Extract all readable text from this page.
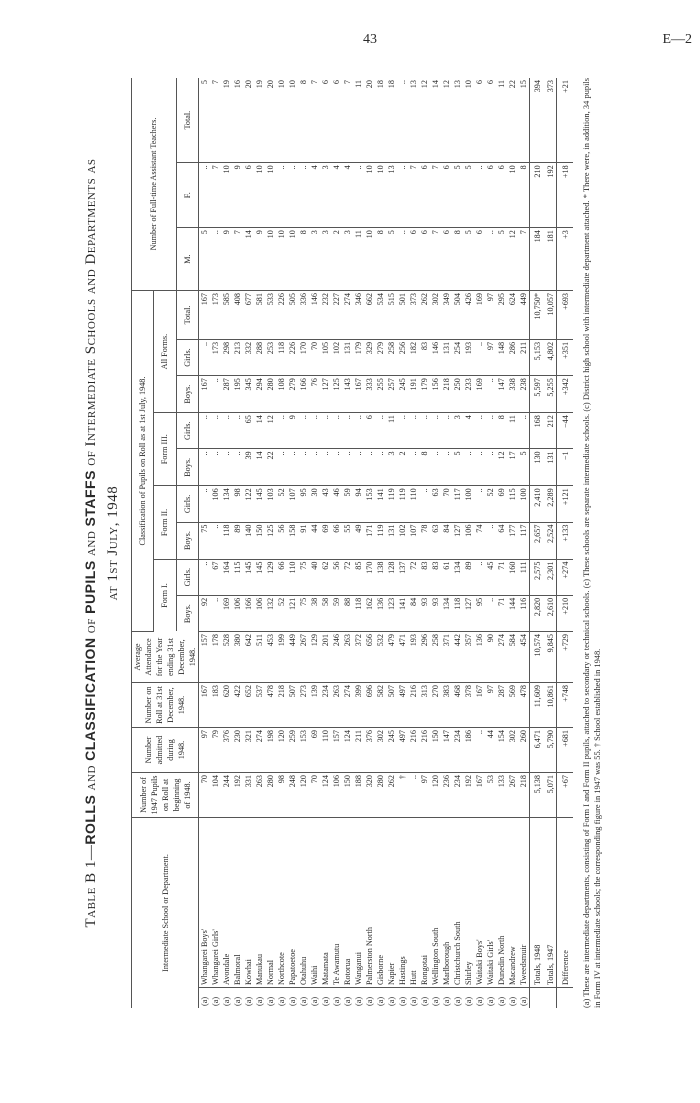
43	E—2

Table B 1—ROLLS and CLASSIFICATION of PUPILS and STAFFS of Intermediate Schools and Departments as
at 1st July, 1948

Intermediate School or Department.		Number of 1947 Pupils on Roll at beginning of 1948.	Number admitted during 1948.	Number on Roll at 31st December, 1948.	Average Attendance for the Year ending 31st December, 1948.	Classification of Pupils on Roll as at 1st July, 1948.									Number of Full-time Assistant Teachers.		
						Form I.		Form II.		Form III.		All Forms.					
						Boys.	Girls.	Boys.	Girls.	Boys.	Girls.	Boys.	Girls.	Total.	M.	F.	Total.
(a)	Whangarei Boys'	70	97	167	157	92	..	75	..	..	..	167	..	167	5	..	5
(a)	Whangarei Girls'	104	79	183	178	..	67	..	106	..	..	..	173	173	..	7	7
(a)	Avondale	244	376	620	528	169	164	118	134	..	..	287	298	585	9	10	19
(a)	Balmoral	192	230	422	380	106	115	89	98	..	..	195	213	408	7	9	16
(a)	Kowhai	331	321	652	642	166	145	140	122	39	65	345	332	677	14	6	20
(a)	Manukau	263	274	537	511	106	145	150	145	14	14	294	288	581	9	10	19
(a)	Normal	280	198	478	453	132	129	125	103	22	12	280	253	533	10	10	20
(a)	Northcote	98	120	218	199	52	66	56	52	..	..	108	118	226	10	..	10
(a)	Papatoetoe	248	259	507	449	121	110	158	107	..	9	279	226	505	10	..	10
(a)	Otahuhu	120	153	273	267	75	75	91	95	..	..	166	170	336	8	..	8
(a)	Waihi	70	69	139	129	38	40	44	30	..	..	76	70	146	3	4	7
(a)	Matamata	124	110	234	201	58	62	69	43	..	..	127	105	232	3	3	6
(a)	Te Awamutu	106	157	263	246	59	56	66	46	..	..	125	102	227	2	4	6
(a)	Rotorua	150	124	274	263	88	72	55	59	..	..	143	131	274	3	4	7
(a)	Wanganui	188	211	399	372	118	85	49	94	..	..	167	179	346	11	..	11
(a)	Palmerston North	320	376	696	656	162	170	171	153	..	6	333	329	662	10	10	20
(a)	Gisborne	280	302	582	532	136	138	119	141	..	..	255	279	534	8	10	18
(a)	Napier	262	245	507	479	123	128	131	119	3	11	257	258	515	5	13	18
(a)	Hastings	†	497	497	471	141	137	102	119	2	..	245	256	501	..	..	..
(a)	Hutt	..	216	216	193	84	72	107	110	..	..	191	182	373	6	7	13
(a)	Rongotai	97	216	313	296	93	83	78	..	8	..	179	83	262	6	6	12
(a)	Wellington South	120	150	270	258	93	83	63	63	..	..	156	146	302	7	7	14
(a)	Marlborough	236	147	383	371	134	61	84	70	..	..	218	131	349	6	6	12
(a)	Christchurch South	234	234	468	442	118	134	127	117	5	3	250	254	504	8	5	13
(a)	Shirley	192	186	378	357	127	89	106	100	..	4	233	193	426	5	5	10
(a)	Waitaki Boys'	167	..	167	136	95	..	74	..	..	..	169	..	169	6	..	6
(a)	Waitaki Girls'	53	44	97	90	..	45	..	52	..	..	..	97	97	..	6	6
(a)	Dunedin North	133	154	287	274	71	71	64	69	12	8	147	148	295	5	6	11
(a)	Macandrew	267	302	569	584	144	160	177	115	17	11	338	286	624	12	10	22
(a)	Tweedsmuir	218	260	478	454	116	111	117	100	5	..	238	211	449	7	8	15
	Totals, 1948	5,138	6,471	11,609	10,574	2,820	2,575	2,657	2,410	130	168	5,597	5,153	10,750*	184	210	394
	Totals, 1947	5,071	5,790	10,861	9,845	2,610	2,301	2,524	2,289	131	212	5,255	4,802	10,057	181	192	373
	Difference	+67	+681	+748	+729	+210	+274	+133	+121	−1	−44	+342	+351	+693	+3	+18	+21

(a) These are intermediate departments, consisting of Form I and Form II pupils, attached to secondary or technical schools. (c) These schools are separate intermediate schools. (c) District high school with intermediate department attached. * There were, in addition, 34 pupils in Form IV at intermediate schools; the corresponding figure in 1947 was 55. † School established in 1948.
